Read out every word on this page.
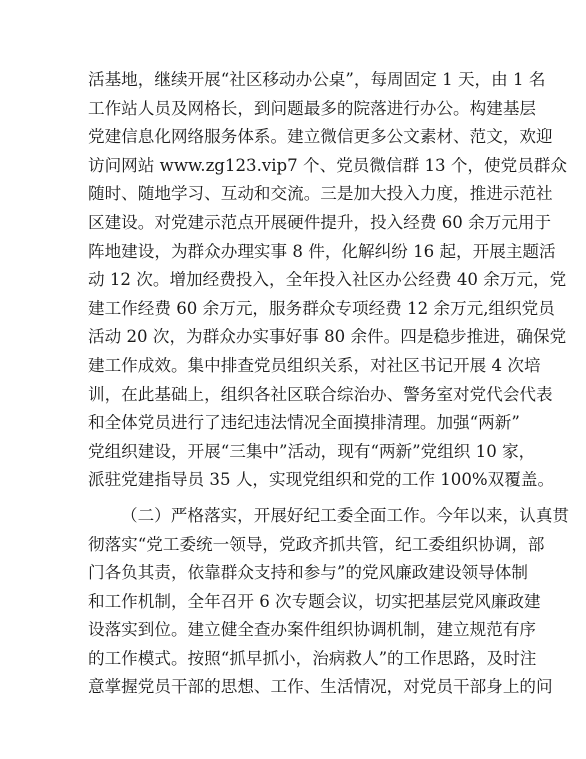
活基地，继续开展“社区移动办公桌”，每周固定 1 天，由 1 名
工作站人员及网格长，到问题最多的院落进行办公。构建基层
党建信息化网络服务体系。建立微信更多公文素材、范文，欢迎
访问网站 www.zg123.vip7 个、党员微信群 13 个，使党员群众
随时、随地学习、互动和交流。三是加大投入力度，推进示范社
区建设。对党建示范点开展硬件提升，投入经费 60 余万元用于
阵地建设，为群众办理实事 8 件，化解纠纷 16 起，开展主题活
动 12 次。增加经费投入，全年投入社区办公经费 40 余万元，党
建工作经费 60 余万元，服务群众专项经费 12 余万元,组织党员
活动 20 次，为群众办实事好事 80 余件。四是稳步推进，确保党
建工作成效。集中排查党员组织关系，对社区书记开展 4 次培
训，在此基础上，组织各社区联合综治办、警务室对党代会代表
和全体党员进行了违纪违法情况全面摸排清理。加强“两新”
党组织建设，开展“三集中”活动，现有“两新”党组织 10 家，
派驻党建指导员 35 人，实现党组织和党的工作 100%双覆盖。
（二）严格落实，开展好纪工委全面工作。今年以来，认真贯
彻落实“党工委统一领导，党政齐抓共管，纪工委组织协调，部
门各负其责，依靠群众支持和参与”的党风廉政建设领导体制
和工作机制，全年召开 6 次专题会议，切实把基层党风廉政建
设落实到位。建立健全查办案件组织协调机制，建立规范有序
的工作模式。按照“抓早抓小，治病救人”的工作思路，及时注
意掌握党员干部的思想、工作、生活情况，对党员干部身上的问
